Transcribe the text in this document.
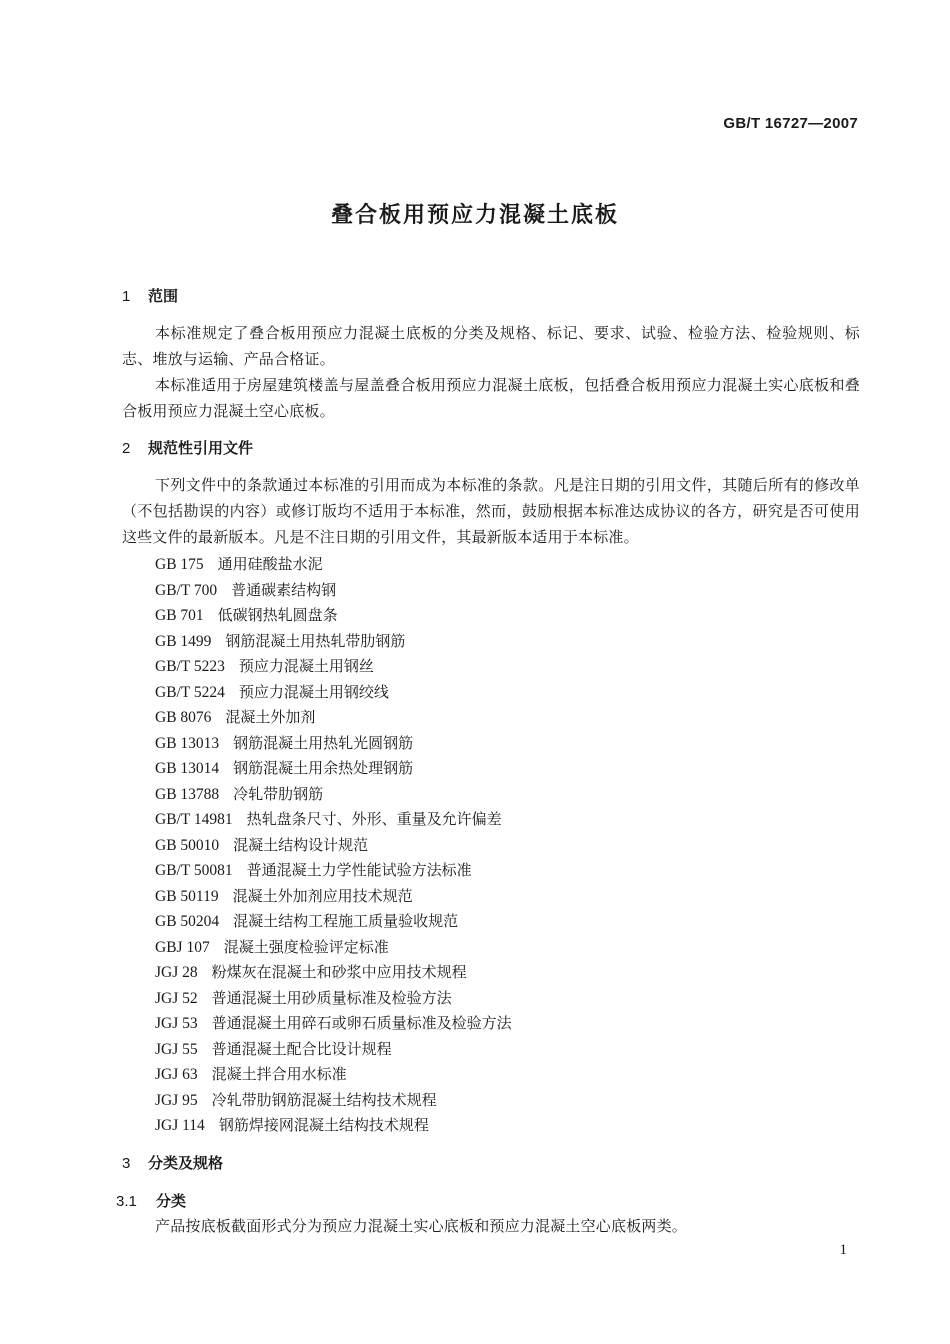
GB/T 16727—2007
叠合板用预应力混凝土底板
1 范围
本标准规定了叠合板用预应力混凝土底板的分类及规格、标记、要求、试验、检验方法、检验规则、标志、堆放与运输、产品合格证。
本标准适用于房屋建筑楼盖与屋盖叠合板用预应力混凝土底板，包括叠合板用预应力混凝土实心底板和叠合板用预应力混凝土空心底板。
2 规范性引用文件
下列文件中的条款通过本标准的引用而成为本标准的条款。凡是注日期的引用文件，其随后所有的修改单（不包括勘误的内容）或修订版均不适用于本标准，然而，鼓励根据本标准达成协议的各方，研究是否可使用这些文件的最新版本。凡是不注日期的引用文件，其最新版本适用于本标准。
GB 175 通用硅酸盐水泥
GB/T 700 普通碳素结构钢
GB 701 低碳钢热轧圆盘条
GB 1499 钢筋混凝土用热轧带肋钢筋
GB/T 5223 预应力混凝土用钢丝
GB/T 5224 预应力混凝土用钢绞线
GB 8076 混凝土外加剂
GB 13013 钢筋混凝土用热轧光圆钢筋
GB 13014 钢筋混凝土用余热处理钢筋
GB 13788 冷轧带肋钢筋
GB/T 14981 热轧盘条尺寸、外形、重量及允许偏差
GB 50010 混凝土结构设计规范
GB/T 50081 普通混凝土力学性能试验方法标准
GB 50119 混凝土外加剂应用技术规范
GB 50204 混凝土结构工程施工质量验收规范
GBJ 107 混凝土强度检验评定标准
JGJ 28 粉煤灰在混凝土和砂浆中应用技术规程
JGJ 52 普通混凝土用砂质量标准及检验方法
JGJ 53 普通混凝土用碎石或卵石质量标准及检验方法
JGJ 55 普通混凝土配合比设计规程
JGJ 63 混凝土拌合用水标准
JGJ 95 冷轧带肋钢筋混凝土结构技术规程
JGJ 114 钢筋焊接网混凝土结构技术规程
3 分类及规格
3.1 分类
产品按底板截面形式分为预应力混凝土实心底板和预应力混凝土空心底板两类。
1
